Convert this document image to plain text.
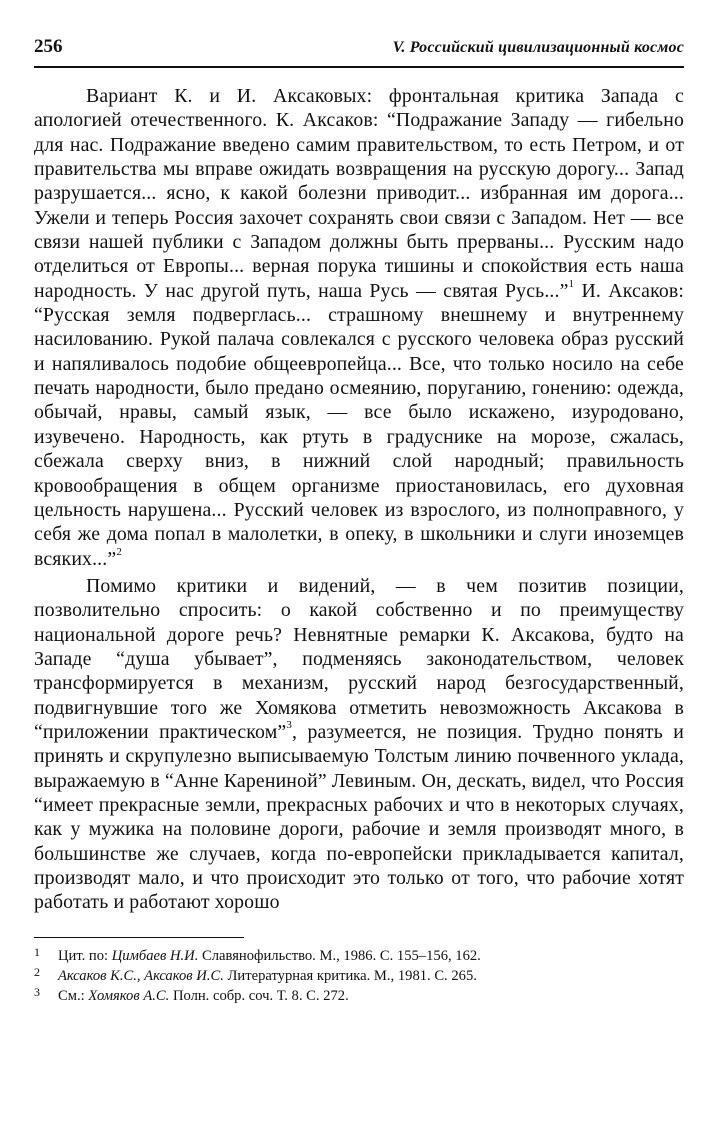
256	V. Российский цивилизационный космос

Вариант К. и И. Аксаковых: фронтальная критика Запада с апологией отечественного. К. Аксаков: “Подражание Западу — гибельно для нас. Подражание введено самим правительством, то есть Петром, и от правительства мы вправе ожидать возвращения на русскую дорогу... Запад разрушается... ясно, к какой болезни приводит... избранная им дорога... Ужели и теперь Россия захочет сохранять свои связи с Западом. Нет — все связи нашей публики с Западом должны быть прерваны... Русским надо отделиться от Европы... верная порука тишины и спокойствия есть наша народность. У нас другой путь, наша Русь — святая Русь...”$^1$ И. Аксаков: “Русская земля подверглась... страшному внешнему и внутреннему насилованию. Рукой палача совлекался с русского человека образ русский и напяливалось подобие общеевропейца... Все, что только носило на себе печать народности, было предано осмеянию, поруганию, гонению: одежда, обычай, нравы, самый язык, — все было искажено, изуродовано, изувечено. Народность, как ртуть в градуснике на морозе, сжалась, сбежала сверху вниз, в нижний слой народный; правильность кровообращения в общем организме приостановилась, его духовная цельность нарушена... Русский человек из взрослого, из полноправного, у себя же дома попал в малолетки, в опеку, в школьники и слуги иноземцев всяких...”$^2$

Помимо критики и видений, — в чем позитив позиции, позволительно спросить: о какой собственно и по преимуществу национальной дороге речь? Невнятные ремарки К. Аксакова, будто на Западе “душа убывает”, подменяясь законодательством, человек трансформируется в механизм, русский народ безгосударственный, подвигнувшие того же Хомякова отметить невозможность Аксакова в “приложении практическом”$^3$, разумеется, не позиция. Трудно понять и принять и скрупулезно выписываемую Толстым линию почвенного уклада, выражаемую в “Анне Карениной” Левиным. Он, дескать, видел, что Россия “имеет прекрасные земли, прекрасных рабочих и что в некоторых случаях, как у мужика на половине дороги, рабочие и земля производят много, в большинстве же случаев, когда по-европейски прикладывается капитал, производят мало, и что происходит это только от того, что рабочие хотят работать и работают хорошо

1 Цит. по: Цимбаев Н.И. Славянофильство. М., 1986. С. 155–156, 162.

2 Аксаков К.С., Аксаков И.С. Литературная критика. М., 1981. С. 265.

3 См.: Хомяков А.С. Полн. собр. соч. Т. 8. С. 272.
